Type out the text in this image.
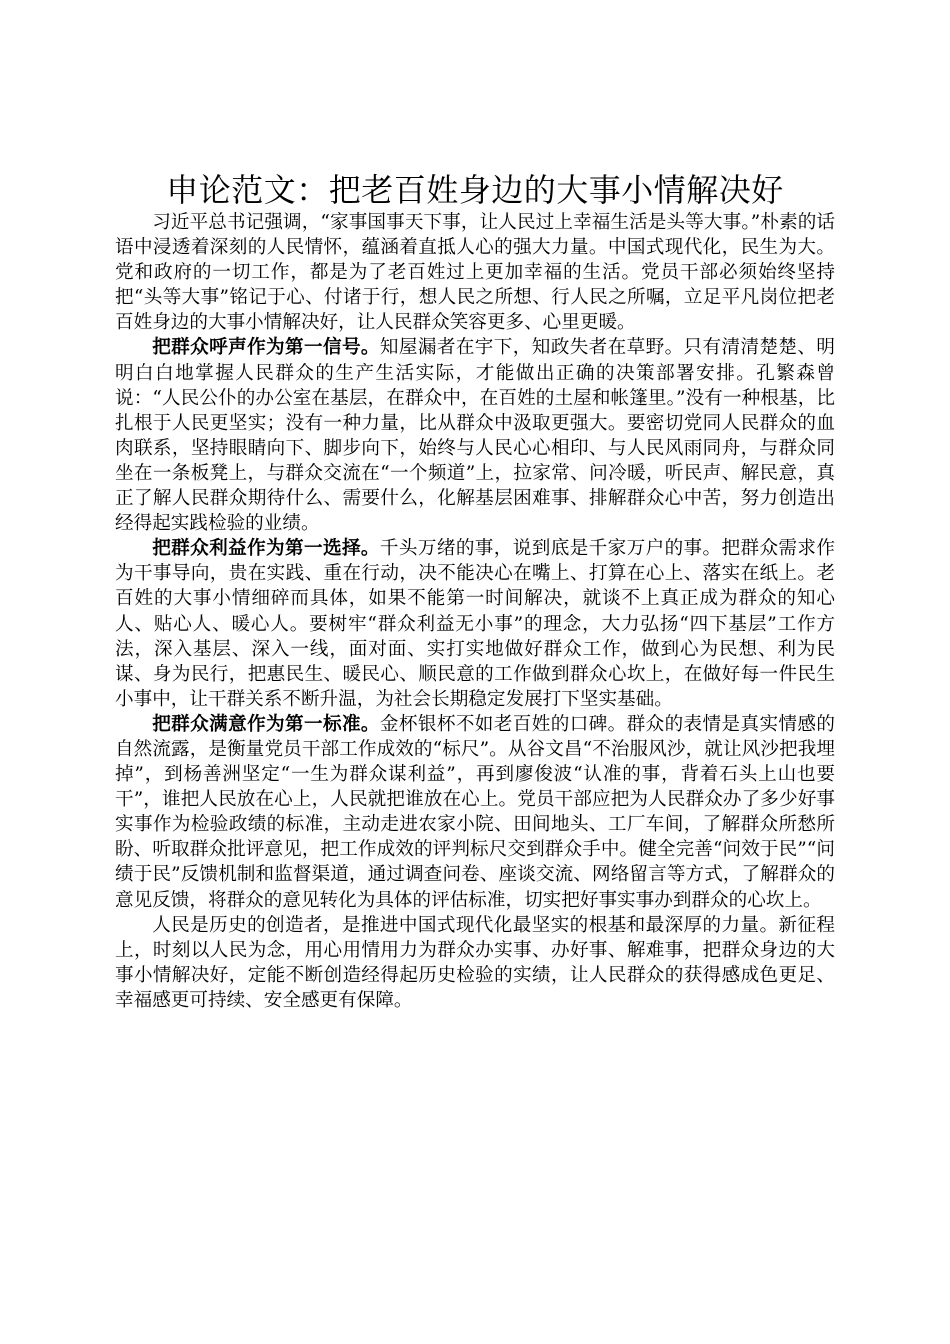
申论范文：把老百姓身边的大事小情解决好

习近平总书记强调，“家事国事天下事，让人民过上幸福生活是头等大事。”朴素的话语中浸透着深刻的人民情怀，蕴涵着直抵人心的强大力量。中国式现代化，民生为大。党和政府的一切工作，都是为了老百姓过上更加幸福的生活。党员干部必须始终坚持把“头等大事”铭记于心、付诸于行，想人民之所想、行人民之所嘱，立足平凡岗位把老百姓身边的大事小情解决好，让人民群众笑容更多、心里更暖。

把群众呼声作为第一信号。知屋漏者在宇下，知政失者在草野。只有清清楚楚、明明白白地掌握人民群众的生产生活实际，才能做出正确的决策部署安排。孔繁森曾说：“人民公仆的办公室在基层，在群众中，在百姓的土屋和帐篷里。”没有一种根基，比扎根于人民更坚实；没有一种力量，比从群众中汲取更强大。要密切党同人民群众的血肉联系，坚持眼睛向下、脚步向下，始终与人民心心相印、与人民风雨同舟，与群众同坐在一条板凳上，与群众交流在“一个频道”上，拉家常、问冷暖，听民声、解民意，真正了解人民群众期待什么、需要什么，化解基层困难事、排解群众心中苦，努力创造出经得起实践检验的业绩。

把群众利益作为第一选择。千头万绪的事，说到底是千家万户的事。把群众需求作为干事导向，贵在实践、重在行动，决不能决心在嘴上、打算在心上、落实在纸上。老百姓的大事小情细碎而具体，如果不能第一时间解决，就谈不上真正成为群众的知心人、贴心人、暖心人。要树牢“群众利益无小事”的理念，大力弘扬“四下基层”工作方法，深入基层、深入一线，面对面、实打实地做好群众工作，做到心为民想、利为民谋、身为民行，把惠民生、暖民心、顺民意的工作做到群众心坎上，在做好每一件民生小事中，让干群关系不断升温，为社会长期稳定发展打下坚实基础。

把群众满意作为第一标准。金杯银杯不如老百姓的口碑。群众的表情是真实情感的自然流露，是衡量党员干部工作成效的“标尺”。从谷文昌“不治服风沙，就让风沙把我埋掉”，到杨善洲坚定“一生为群众谋利益”，再到廖俊波“认准的事，背着石头上山也要干”，谁把人民放在心上，人民就把谁放在心上。党员干部应把为人民群众办了多少好事实事作为检验政绩的标准，主动走进农家小院、田间地头、工厂车间，了解群众所愁所盼、听取群众批评意见，把工作成效的评判标尺交到群众手中。健全完善“问效于民”“问绩于民”反馈机制和监督渠道，通过调查问卷、座谈交流、网络留言等方式，了解群众的意见反馈，将群众的意见转化为具体的评估标准，切实把好事实事办到群众的心坎上。

人民是历史的创造者，是推进中国式现代化最坚实的根基和最深厚的力量。新征程上，时刻以人民为念，用心用情用力为群众办实事、办好事、解难事，把群众身边的大事小情解决好，定能不断创造经得起历史检验的实绩，让人民群众的获得感成色更足、幸福感更可持续、安全感更有保障。
